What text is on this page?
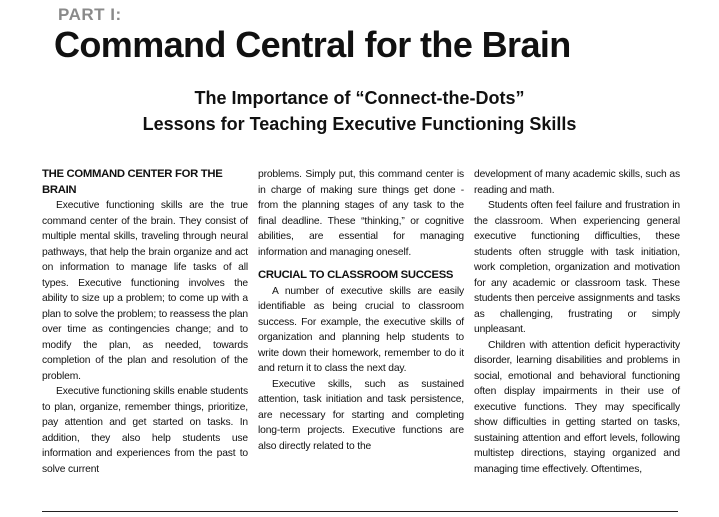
PART I:
Command Central for the Brain
The Importance of “Connect-the-Dots”
Lessons for Teaching Executive Functioning Skills
THE COMMAND CENTER FOR THE BRAIN

Executive functioning skills are the true command center of the brain. They consist of multiple mental skills, traveling through neural pathways, that help the brain organize and act on information to manage life tasks of all types. Executive functioning involves the ability to size up a problem; to come up with a plan to solve the problem; to reassess the plan over time as contingencies change; and to modify the plan, as needed, towards completion of the plan and resolution of the problem.

Executive functioning skills enable students to plan, organize, remember things, prioritize, pay attention and get started on tasks. In addition, they also help students use information and experiences from the past to solve current

problems. Simply put, this command center is in charge of making sure things get done - from the planning stages of any task to the final deadline. These “thinking,” or cognitive abilities, are essential for managing information and managing oneself.

CRUCIAL TO CLASSROOM SUCCESS

A number of executive skills are easily identifiable as being crucial to classroom success. For example, the executive skills of organization and planning help students to write down their homework, remember to do it and return it to class the next day.

Executive skills, such as sustained attention, task initiation and task persistence, are necessary for starting and completing long-term projects. Executive functions are also directly related to the

development of many academic skills, such as reading and math.

Students often feel failure and frustration in the classroom. When experiencing general executive functioning difficulties, these students often struggle with task initiation, work completion, organization and motivation for any academic or classroom task. These students then perceive assignments and tasks as challenging, frustrating or simply unpleasant.

Children with attention deficit hyperactivity disorder, learning disabilities and problems in social, emotional and behavioral functioning often display impairments in their use of executive functions. They may specifically show difficulties in getting started on tasks, sustaining attention and effort levels, following multistep directions, staying organized and managing time effectively. Oftentimes,
